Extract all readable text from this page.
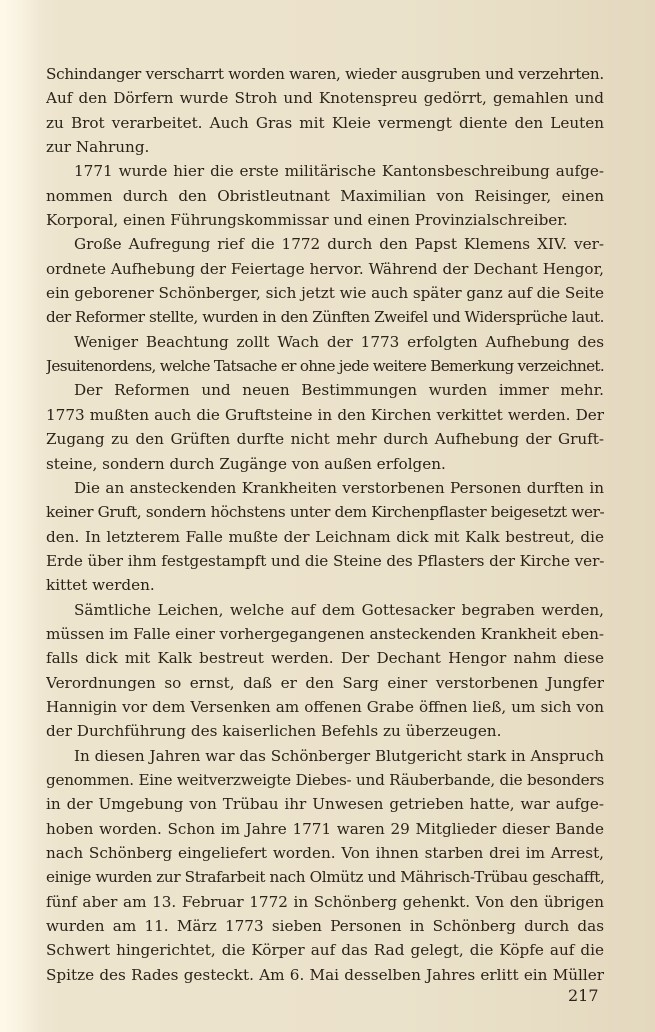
Schindanger verscharrt worden waren, wieder ausgruben und verzehrten.
Auf den Dörfern wurde Stroh und Knotenspreu gedörrt, gemahlen und
zu Brot verarbeitet. Auch Gras mit Kleie vermengt diente den Leuten
zur Nahrung.
1771 wurde hier die erste militärische Kantonsbeschreibung aufge-
nommen durch den Obristleutnant Maximilian von Reisinger, einen
Korporal, einen Führungskommissar und einen Provinzialschreiber.
Große Aufregung rief die 1772 durch den Papst Klemens XIV. ver-
ordnete Aufhebung der Feiertage hervor. Während der Dechant Hengor,
ein geborener Schönberger, sich jetzt wie auch später ganz auf die Seite
der Reformer stellte, wurden in den Zünften Zweifel und Widersprüche laut.
Weniger Beachtung zollt Wach der 1773 erfolgten Aufhebung des
Jesuitenordens, welche Tatsache er ohne jede weitere Bemerkung verzeichnet.
Der Reformen und neuen Bestimmungen wurden immer mehr.
1773 mußten auch die Gruftsteine in den Kirchen verkittet werden. Der
Zugang zu den Grüften durfte nicht mehr durch Aufhebung der Gruft-
steine, sondern durch Zugänge von außen erfolgen.
Die an ansteckenden Krankheiten verstorbenen Personen durften in
keiner Gruft, sondern höchstens unter dem Kirchenpflaster beigesetzt wer-
den. In letzterem Falle mußte der Leichnam dick mit Kalk bestreut, die
Erde über ihm festgestampft und die Steine des Pflasters der Kirche ver-
kittet werden.
Sämtliche Leichen, welche auf dem Gottesacker begraben werden,
müssen im Falle einer vorhergegangenen ansteckenden Krankheit eben-
falls dick mit Kalk bestreut werden. Der Dechant Hengor nahm diese
Verordnungen so ernst, daß er den Sarg einer verstorbenen Jungfer
Hannigin vor dem Versenken am offenen Grabe öffnen ließ, um sich von
der Durchführung des kaiserlichen Befehls zu überzeugen.
In diesen Jahren war das Schönberger Blutgericht stark in Anspruch
genommen. Eine weitverzweigte Diebes- und Räuberbande, die besonders
in der Umgebung von Trübau ihr Unwesen getrieben hatte, war aufge-
hoben worden. Schon im Jahre 1771 waren 29 Mitglieder dieser Bande
nach Schönberg eingeliefert worden. Von ihnen starben drei im Arrest,
einige wurden zur Strafarbeit nach Olmütz und Mährisch-Trübau geschafft,
fünf aber am 13. Februar 1772 in Schönberg gehenkt. Von den übrigen
wurden am 11. März 1773 sieben Personen in Schönberg durch das
Schwert hingerichtet, die Körper auf das Rad gelegt, die Köpfe auf die
Spitze des Rades gesteckt. Am 6. Mai desselben Jahres erlitt ein Müller
217
